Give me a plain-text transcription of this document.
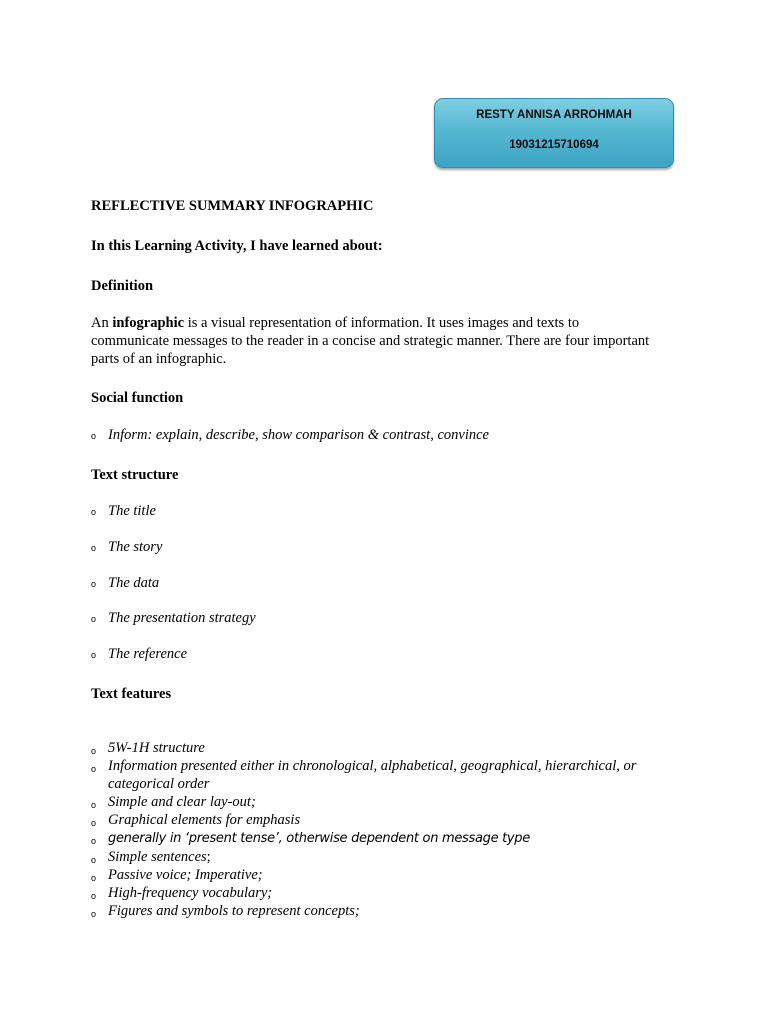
RESTY ANNISA ARROHMAH
19031215710694
REFLECTIVE SUMMARY INFOGRAPHIC
In this Learning Activity, I have learned about:
Definition
An infographic is a visual representation of information. It uses images and texts to communicate messages to the reader in a concise and strategic manner. There are four important parts of an infographic.
Social function
o Inform: explain, describe, show comparison & contrast, convince
Text structure
o The title
o The story
o The data
o The presentation strategy
o The reference
Text features
o 5W-1H structure
o Information presented either in chronological, alphabetical, geographical, hierarchical, or categorical order
o Simple and clear lay-out;
o Graphical elements for emphasis
o generally in ‘present tense’, otherwise dependent on message type
o Simple sentences;
o Passive voice; Imperative;
o High-frequency vocabulary;
o Figures and symbols to represent concepts;
